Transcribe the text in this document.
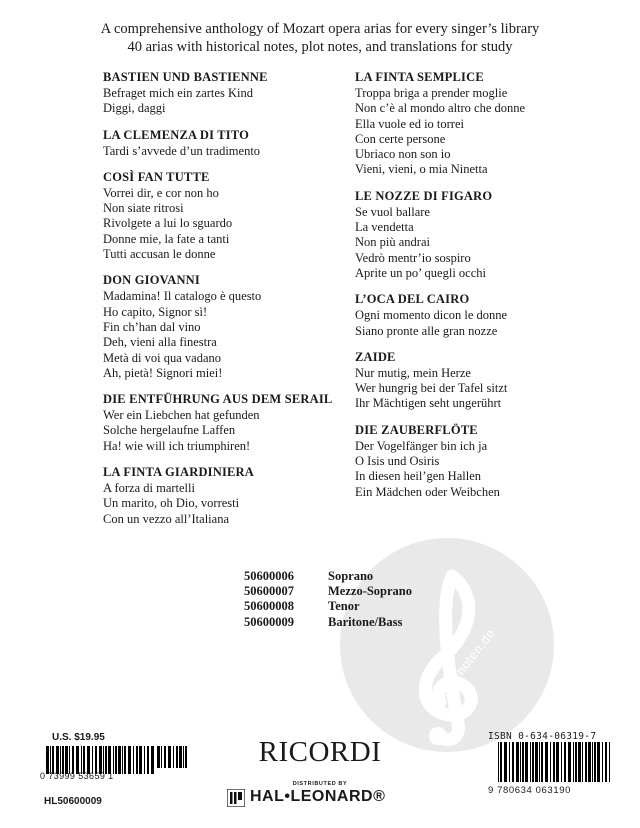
A comprehensive anthology of Mozart opera arias for every singer’s library
40 arias with historical notes, plot notes, and translations for study
BASTIEN UND BASTIENNE
Befraget mich ein zartes Kind
Diggi, daggi
LA CLEMENZA DI TITO
Tardi s’avvede d’un tradimento
COSÌ FAN TUTTE
Vorrei dir, e cor non ho
Non siate ritrosi
Rivolgete a lui lo sguardo
Donne mie, la fate a tanti
Tutti accusan le donne
DON GIOVANNI
Madamina! Il catalogo è questo
Ho capito, Signor sì!
Fin ch’han dal vino
Deh, vieni alla finestra
Metà di voi qua vadano
Ah, pietà! Signori miei!
DIE ENTFÜHRUNG AUS DEM SERAIL
Wer ein Liebchen hat gefunden
Solche hergelaufne Laffen
Ha! wie will ich triumphiren!
LA FINTA GIARDINIERA
A forza di martelli
Un marito, oh Dio, vorresti
Con un vezzo all’Italiana
LA FINTA SEMPLICE
Troppa briga a prender moglie
Non c’è al mondo altro che donne
Ella vuole ed io torrei
Con certe persone
Ubriaco non son io
Vieni, vieni, o mia Ninetta
LE NOZZE DI FIGARO
Se vuol ballare
La vendetta
Non più andrai
Vedrò mentr’io sospiro
Aprite un po’ quegli occhi
L’OCA DEL CAIRO
Ogni momento dicon le donne
Siano pronte alle gran nozze
ZAIDE
Nur mutig, mein Herze
Wer hungrig bei der Tafel sitzt
Ihr Mächtigen seht ungerührt
DIE ZAUBERFLÖTE
Der Vogelfänger bin ich ja
O Isis und Osiris
In diesen heil’gen Hallen
Ein Mädchen oder Weibchen
alle-noten.de
50600006	Soprano
50600007	Mezzo-Soprano
50600008	Tenor
50600009	Baritone/Bass
U.S. $19.95	ISBN 0-634-06319-7
0 73999 53659 1
9 780634 063190
HL50600009
RICORDI
DISTRIBUTED BY
HAL•LEONARD®
